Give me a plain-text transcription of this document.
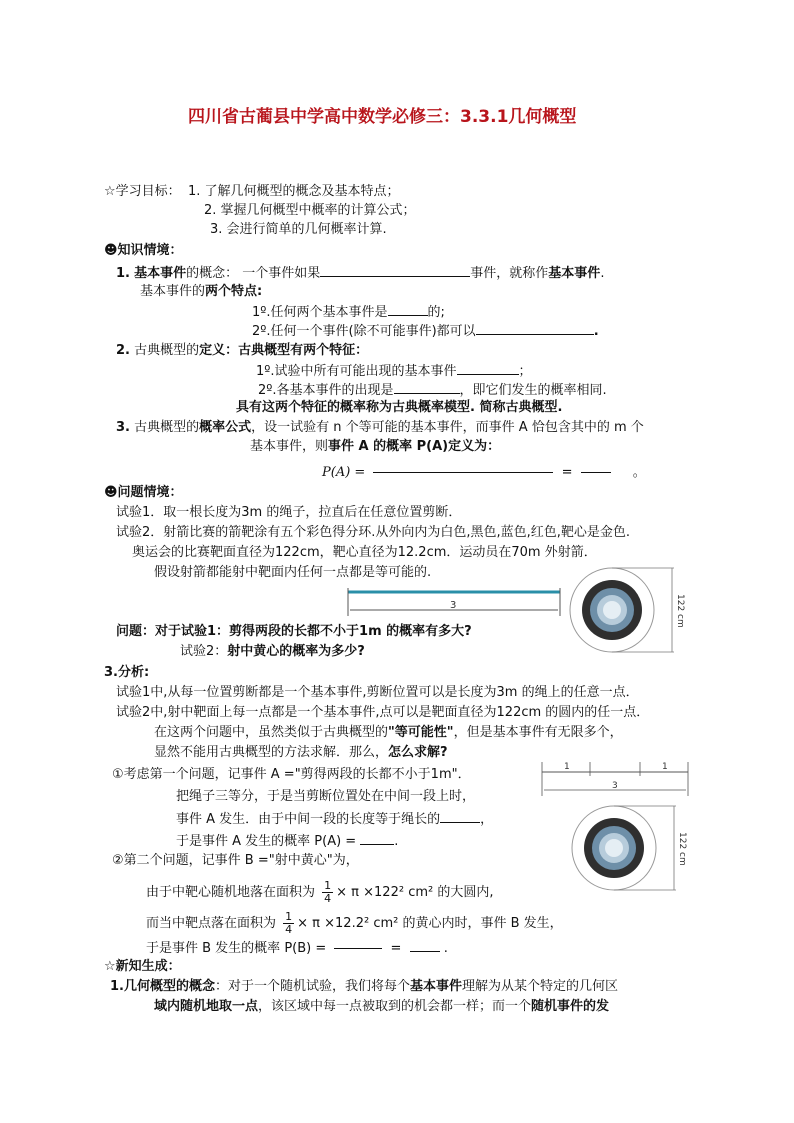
四川省古蔺县中学高中数学必修三：3.3.1几何概型
☆学习目标： 1. 了解几何概型的概念及基本特点；
2. 掌握几何概型中概率的计算公式；
3. 会进行简单的几何概率计算.
☻知识情境：
1. 基本事件的概念： 一个事件如果	事件，就称作基本事件.
基本事件的两个特点:
1º.任何两个基本事件是	的;
2º.任何一个事件(除不可能事件)都可以	.
2. 古典概型的定义：古典概型有两个特征：
1º.试验中所有可能出现的基本事件	；
2º.各基本事件的出现是	，即它们发生的概率相同.
具有这两个特征的概率称为古典概率模型. 简称古典概型.
3. 古典概型的概率公式，设一试验有 n 个等可能的基本事件，而事件 A 恰包含其中的 m 个
基本事件，则事件 A 的概率 P(A)定义为：
P(A) =	=	。
☻问题情境：
试验1．取一根长度为3m 的绳子，拉直后在任意位置剪断．
试验2．射箭比赛的箭靶涂有五个彩色得分环.从外向内为白色,黑色,蓝色,红色,靶心是金色.
奥运会的比赛靶面直径为122cm，靶心直径为12.2cm．运动员在70m 外射箭．
假设射箭都能射中靶面内任何一点都是等可能的.
3	122 cm
问题：对于试验1：剪得两段的长都不小于1m 的概率有多大?
试验2：射中黄心的概率为多少?
3.分析:
试验1中,从每一位置剪断都是一个基本事件,剪断位置可以是长度为3m 的绳上的任意一点．
试验2中,射中靶面上每一点都是一个基本事件,点可以是靶面直径为122cm 的圆内的任一点．
在这两个问题中，虽然类似于古典概型的"等可能性"，但是基本事件有无限多个，
显然不能用古典概型的方法求解．那么，怎么求解?
①考虑第一个问题，记事件 A ="剪得两段的长都不小于1m"．
把绳子三等分，于是当剪断位置处在中间一段上时，
事件 A 发生．由于中间一段的长度等于绳长的	，
于是事件 A 发生的概率 P(A) =	.
1	1
3
122 cm
②第二个问题，记事件 B ="射中黄心"为，
由于中靶心随机地落在面积为 $\frac{1}{4} \times \pi \times 122^2$ cm² 的大圆内,
而当中靶点落在面积为 $\frac{1}{4} \times \pi \times 12.2^2$ cm² 的黄心内时，事件 B 发生，
于是事件 B 发生的概率 P(B) =	=	.
☆新知生成：
1.几何概型的概念：对于一个随机试验，我们将每个基本事件理解为从某个特定的几何区
域内随机地取一点，该区域中每一点被取到的机会都一样；而一个随机事件的发
